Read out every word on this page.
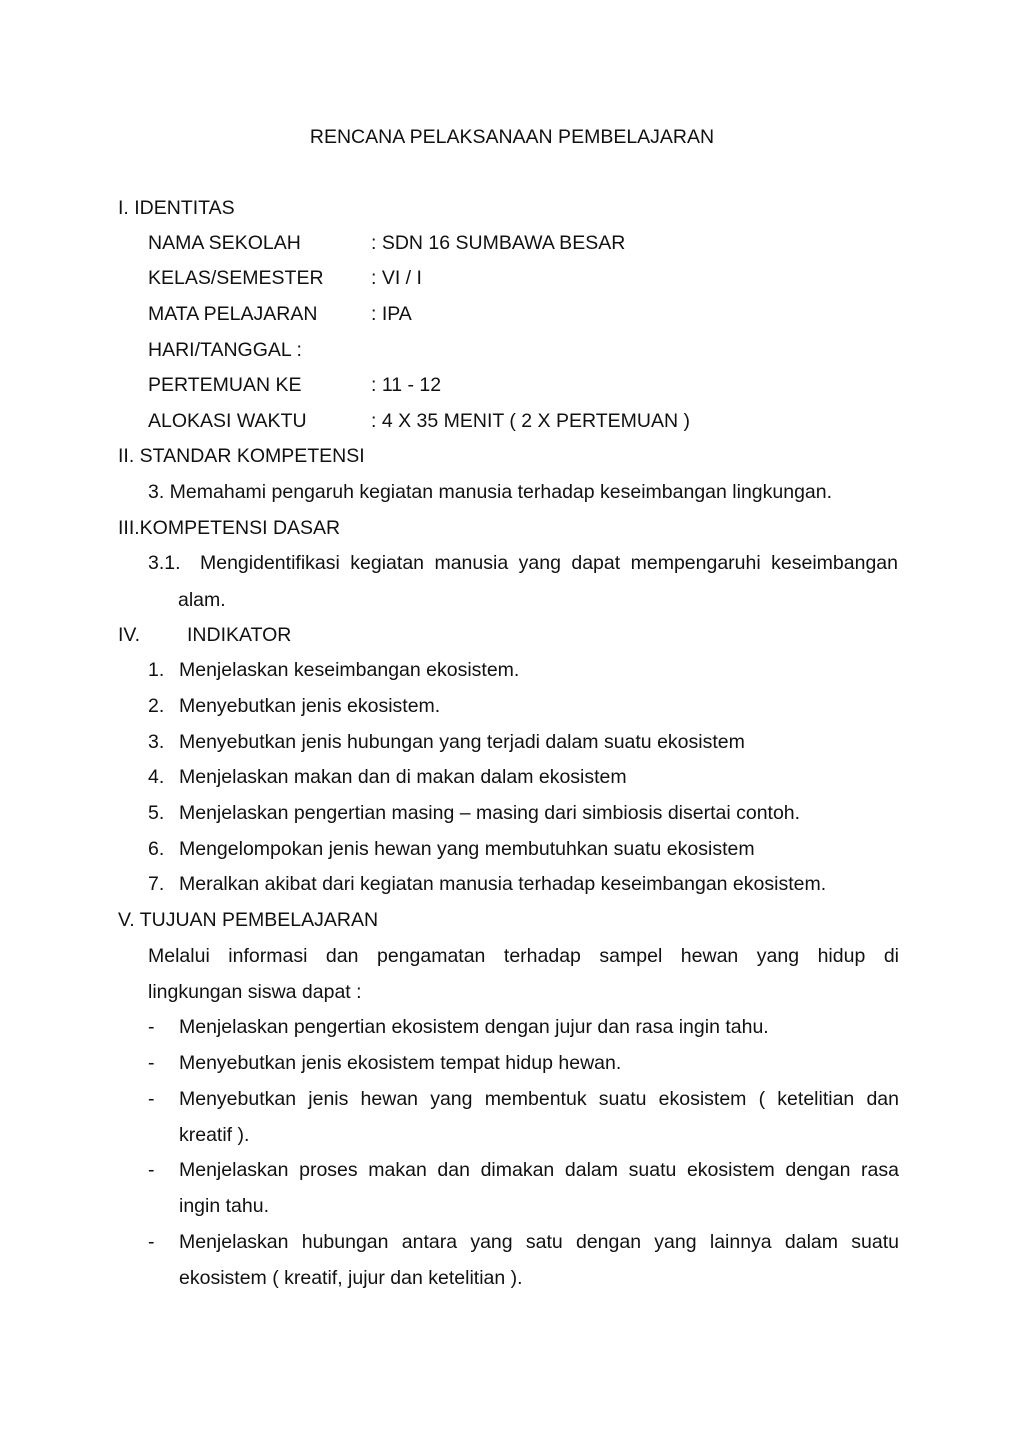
RENCANA PELAKSANAAN PEMBELAJARAN
I. IDENTITAS
NAMA SEKOLAH	: SDN 16 SUMBAWA BESAR
KELAS/SEMESTER : VI / I
MATA PELAJARAN	: IPA
HARI/TANGGAL :
PERTEMUAN KE	: 11 - 12
ALOKASI WAKTU	: 4 X 35 MENIT ( 2 X PERTEMUAN )
II. STANDAR KOMPETENSI
3. Memahami pengaruh kegiatan manusia terhadap keseimbangan lingkungan.
III.KOMPETENSI DASAR
3.1. Mengidentifikasi kegiatan manusia yang dapat mempengaruhi keseimbangan
alam.
IV. INDIKATOR
1. Menjelaskan keseimbangan ekosistem.
2. Menyebutkan jenis ekosistem.
3. Menyebutkan jenis hubungan yang terjadi dalam suatu ekosistem
4. Menjelaskan makan dan di makan dalam ekosistem
5. Menjelaskan pengertian masing – masing dari simbiosis disertai contoh.
6. Mengelompokan jenis hewan yang membutuhkan suatu ekosistem
7. Meralkan akibat dari kegiatan manusia terhadap keseimbangan ekosistem.
V. TUJUAN PEMBELAJARAN
Melalui informasi dan pengamatan terhadap sampel hewan yang hidup di
lingkungan siswa dapat :
- Menjelaskan pengertian ekosistem dengan jujur dan rasa ingin tahu.
- Menyebutkan jenis ekosistem tempat hidup hewan.
- Menyebutkan jenis hewan yang membentuk suatu ekosistem ( ketelitian dan
kreatif ).
- Menjelaskan proses makan dan dimakan dalam suatu ekosistem dengan rasa
ingin tahu.
- Menjelaskan hubungan antara yang satu dengan yang lainnya dalam suatu
ekosistem ( kreatif, jujur dan ketelitian ).
